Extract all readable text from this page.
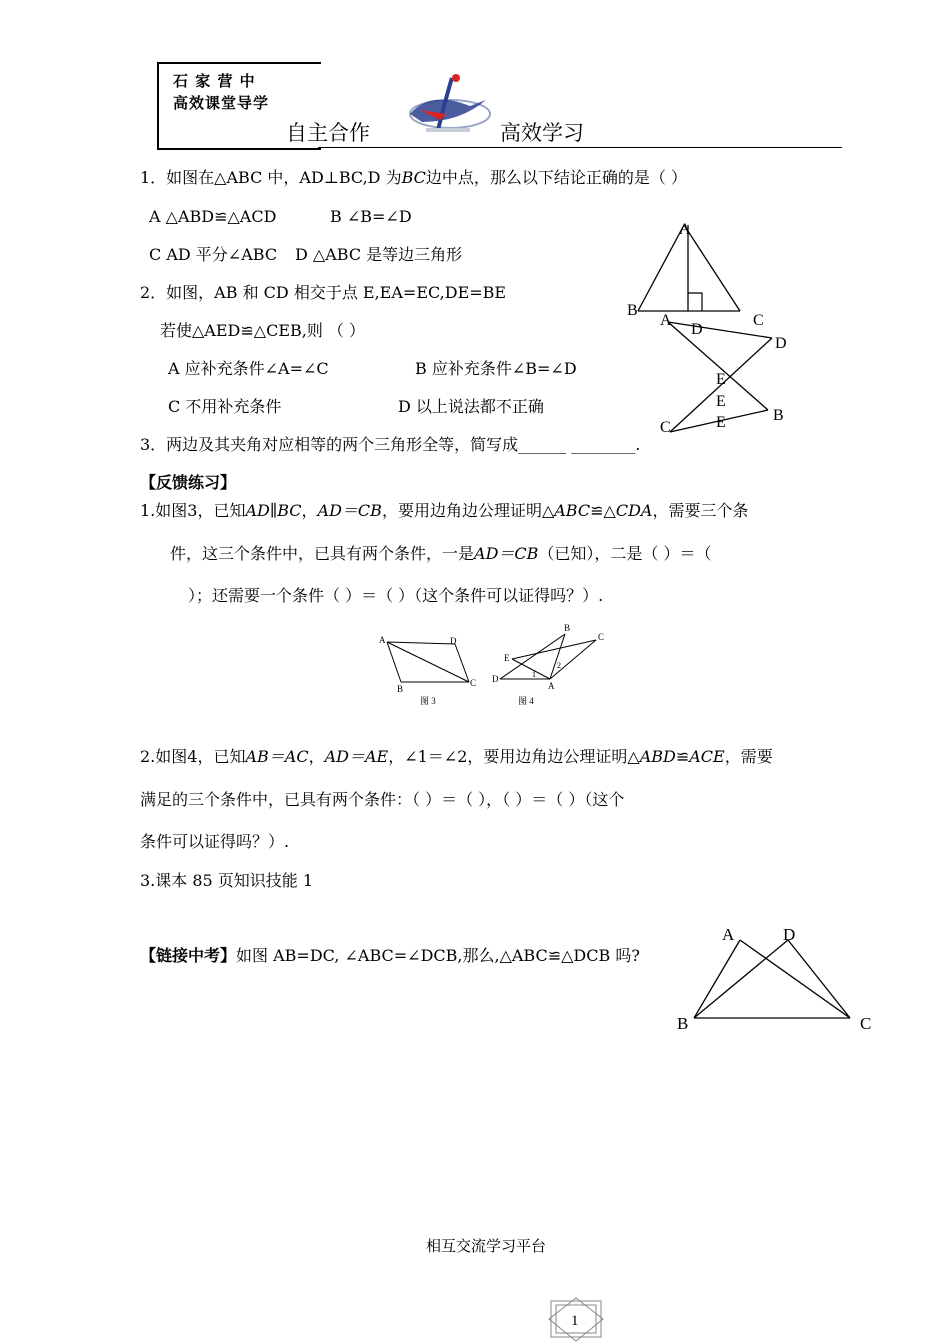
石 家 营 中
高效课堂导学
自主合作	高效学习
1．如图在△ABC 中，AD⊥BC,D 为BC边中点，那么以下结论正确的是（ ）
A △ABD≌△ACD	B ∠B=∠D
C AD 平分∠ABC D △ABC 是等边三角形
A
B
D
C
2．如图，AB 和 CD 相交于点 E,EA=EC,DE=BE
若使△AED≌△CEB,则 （ ）
A 应补充条件∠A=∠C	B 应补充条件∠B=∠D
C 不用补充条件	D 以上说法都不正确
A
D
E
E
E
C
B
3．两边及其夹角对应相等的两个三角形全等，简写成______ ________.
【反馈练习】
1.如图3，已知AD∥BC，AD＝CB，要用边角边公理证明△ABC≌△CDA，需要三个条
件，这三个条件中，已具有两个条件，一是AD＝CB（已知），二是（ ）＝（
）；还需要一个条件（ ）＝（ ）（这个条件可以证得吗？）.
A	D
B
C
图 3
B
C
E
D
A
1
2
图 4
2.如图4，已知AB＝AC，AD＝AE，∠1＝∠2，要用边角边公理证明△ABD≌ACE，需要
满足的三个条件中，已具有两个条件：（ ）＝（ ），（ ）＝（ ）（这个
条件可以证得吗？）.
3.课本 85 页知识技能 1
【链接中考】如图 AB=DC, ∠ABC=∠DCB,那么,△ABC≌△DCB 吗?
A	D
B	C
相互交流学习平台
1
